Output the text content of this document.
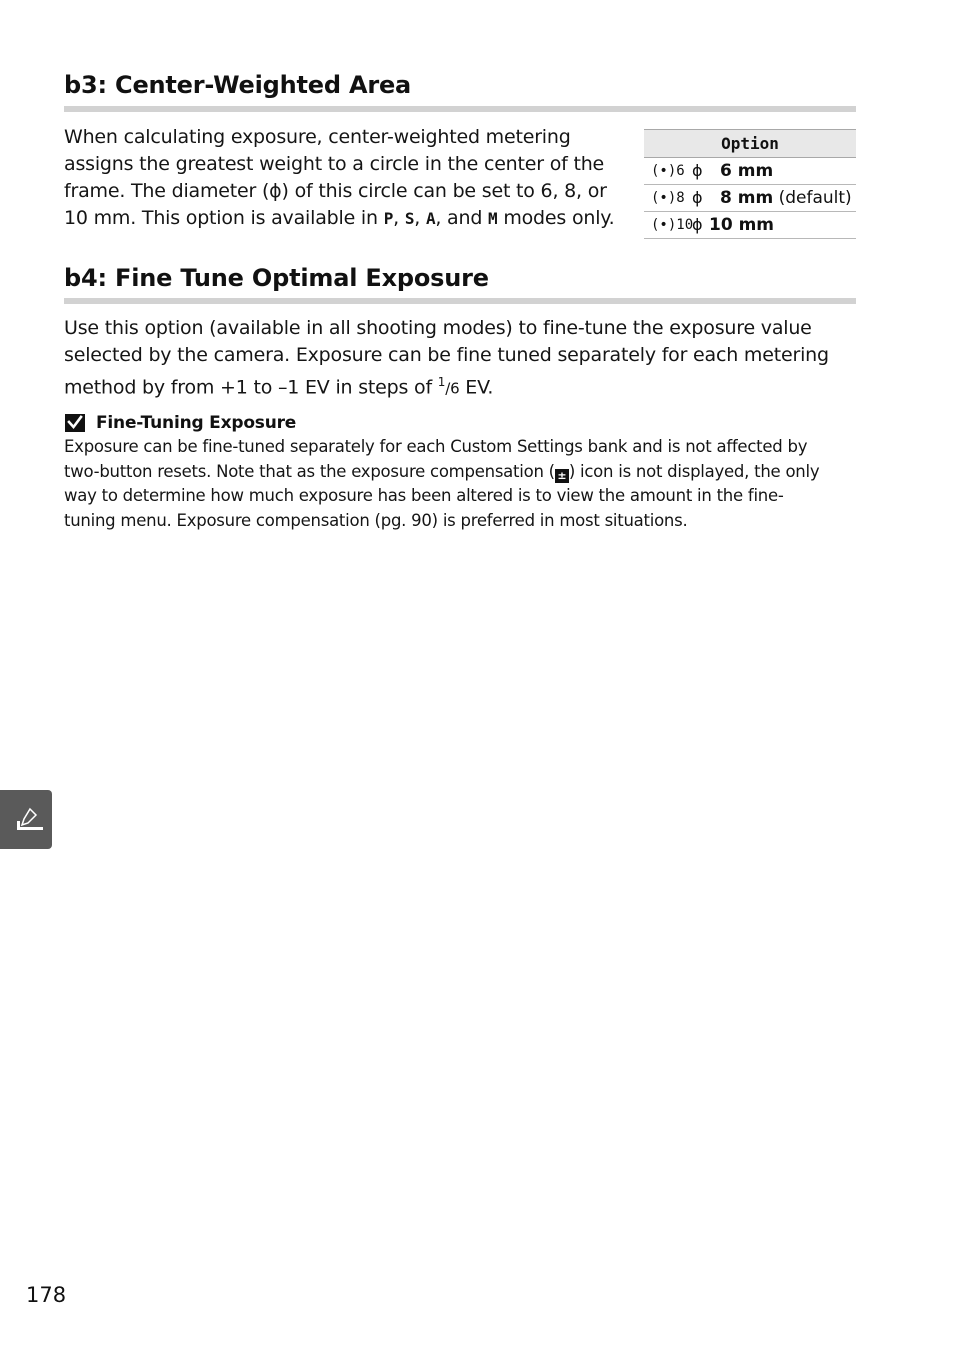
b3: Center-Weighted Area

When calculating exposure, center-weighted metering
assigns the greatest weight to a circle in the center of the
frame. The diameter (ϕ) of this circle can be set to 6, 8, or
10 mm. This option is available in P, S, A, and M modes only.

Option
(•)6 ϕ 6 mm
(•)8 ϕ 8 mm (default)
(•)10
ϕ 10 mm
b4: Fine Tune Optimal Exposure

Use this option (available in all shooting modes) to fine-tune the exposure value
selected by the camera. Exposure can be fine tuned separately for each metering
method by from +1 to –1 EV in steps of $^1$/6 EV.

Fine-Tuning Exposure

Exposure can be fine-tuned separately for each Custom Settings bank and is not affected by
two-button resets. Note that as the exposure compensation ( ± ) icon is not displayed, the only
way to determine how much exposure has been altered is to view the amount in the fine-
tuning menu. Exposure compensation (pg. 90) is preferred in most situations.

178
